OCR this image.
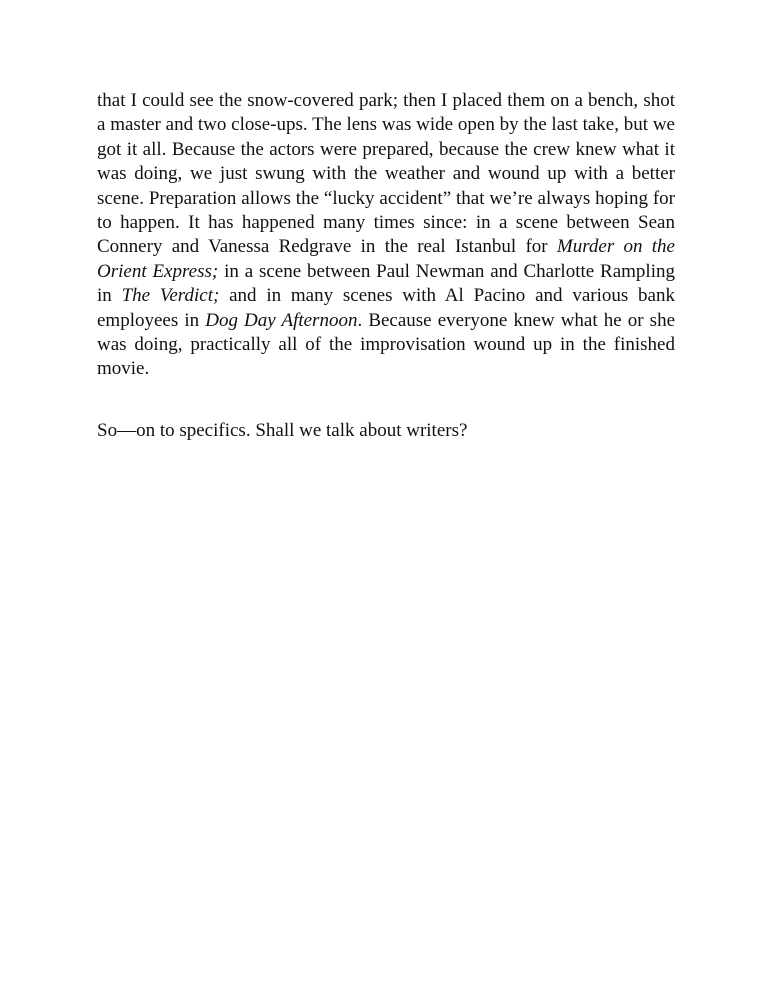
that I could see the snow-covered park; then I placed them on a bench, shot a master and two close-ups. The lens was wide open by the last take, but we got it all. Because the actors were prepared, because the crew knew what it was doing, we just swung with the weather and wound up with a better scene. Preparation allows the “lucky accident” that we’re always hoping for to happen. It has happened many times since: in a scene between Sean Connery and Vanessa Redgrave in the real Istanbul for Murder on the Orient Express; in a scene between Paul Newman and Charlotte Rampling in The Verdict; and in many scenes with Al Pacino and various bank employees in Dog Day Afternoon. Because everyone knew what he or she was doing, practically all of the improvisation wound up in the finished movie.

So—on to specifics. Shall we talk about writers?
